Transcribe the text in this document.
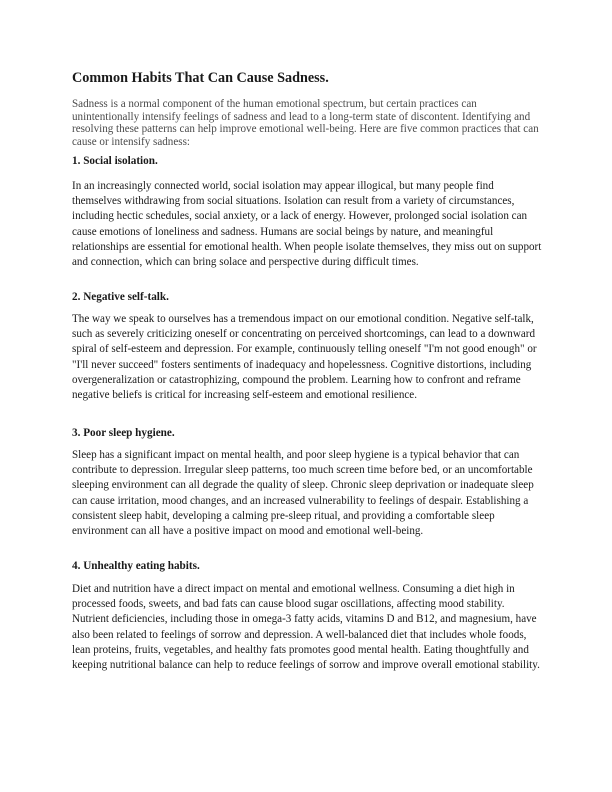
Common Habits That Can Cause Sadness.

Sadness is a normal component of the human emotional spectrum, but certain practices can unintentionally intensify feelings of sadness and lead to a long-term state of discontent. Identifying and resolving these patterns can help improve emotional well-being. Here are five common practices that can cause or intensify sadness:

1. Social isolation.

In an increasingly connected world, social isolation may appear illogical, but many people find themselves withdrawing from social situations. Isolation can result from a variety of circumstances, including hectic schedules, social anxiety, or a lack of energy. However, prolonged social isolation can cause emotions of loneliness and sadness. Humans are social beings by nature, and meaningful relationships are essential for emotional health. When people isolate themselves, they miss out on support and connection, which can bring solace and perspective during difficult times.

2. Negative self-talk.

The way we speak to ourselves has a tremendous impact on our emotional condition. Negative self-talk, such as severely criticizing oneself or concentrating on perceived shortcomings, can lead to a downward spiral of self-esteem and depression. For example, continuously telling oneself "I'm not good enough" or "I'll never succeed" fosters sentiments of inadequacy and hopelessness. Cognitive distortions, including overgeneralization or catastrophizing, compound the problem. Learning how to confront and reframe negative beliefs is critical for increasing self-esteem and emotional resilience.

3. Poor sleep hygiene.

Sleep has a significant impact on mental health, and poor sleep hygiene is a typical behavior that can contribute to depression. Irregular sleep patterns, too much screen time before bed, or an uncomfortable sleeping environment can all degrade the quality of sleep. Chronic sleep deprivation or inadequate sleep can cause irritation, mood changes, and an increased vulnerability to feelings of despair. Establishing a consistent sleep habit, developing a calming pre-sleep ritual, and providing a comfortable sleep environment can all have a positive impact on mood and emotional well-being.

4. Unhealthy eating habits.

Diet and nutrition have a direct impact on mental and emotional wellness. Consuming a diet high in processed foods, sweets, and bad fats can cause blood sugar oscillations, affecting mood stability. Nutrient deficiencies, including those in omega-3 fatty acids, vitamins D and B12, and magnesium, have also been related to feelings of sorrow and depression. A well-balanced diet that includes whole foods, lean proteins, fruits, vegetables, and healthy fats promotes good mental health. Eating thoughtfully and keeping nutritional balance can help to reduce feelings of sorrow and improve overall emotional stability.
